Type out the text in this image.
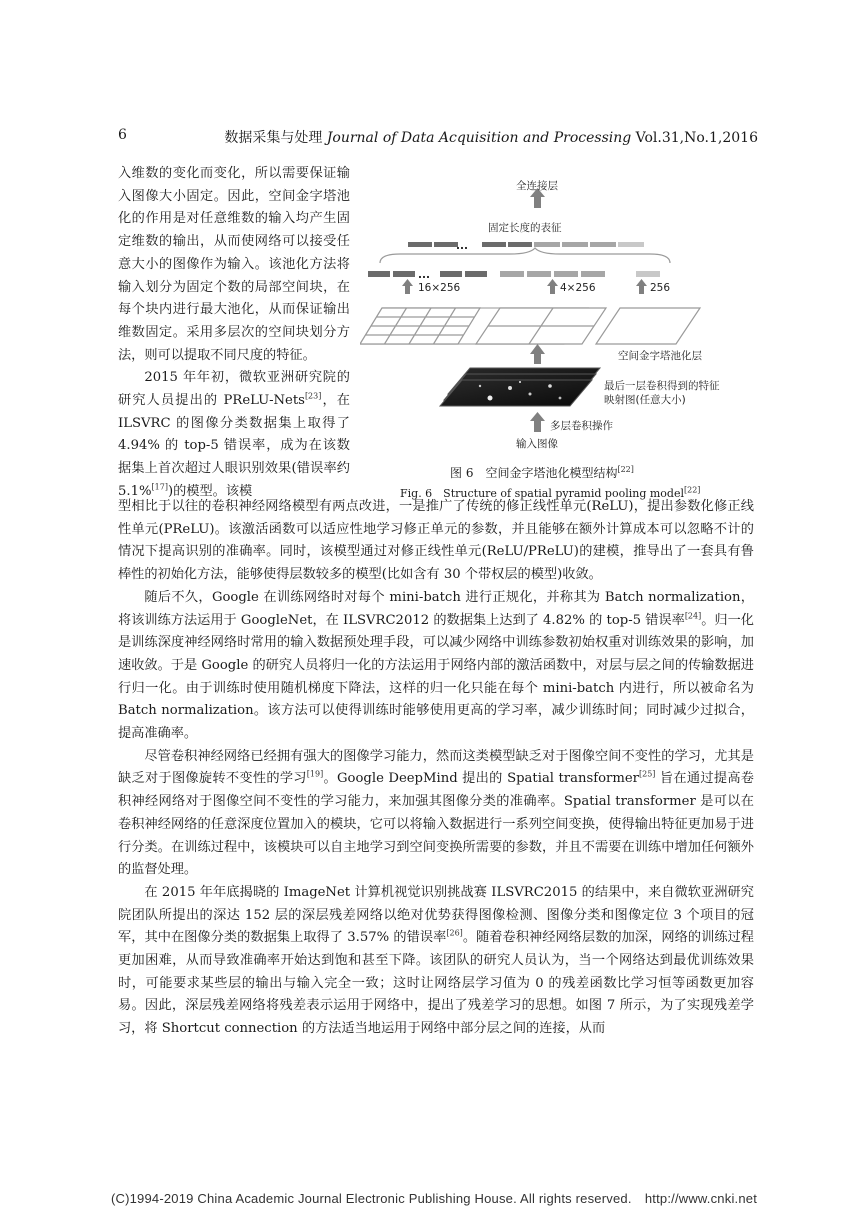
6	数据采集与处理 Journal of Data Acquisition and Processing Vol.31,No.1,2016

入维数的变化而变化，所以需要保证输入图像大小固定。因此，空间金字塔池化的作用是对任意维数的输入均产生固定维数的输出，从而使网络可以接受任意大小的图像作为输入。该池化方法将输入划分为固定个数的局部空间块，在每个块内进行最大池化，从而保证输出维数固定。采用多层次的空间块划分方法，则可以提取不同尺度的特征。

2015 年年初，微软亚洲研究院的研究人员提出的 PReLU-Nets[23]，在 ILSVRC 的图像分类数据集上取得了 4.94% 的 top-5 错误率，成为在该数据集上首次超过人眼识别效果(错误率约 5.1%[17])的模型。该模

全连接层
固定长度的表征
...
...
16×256	4×256	256
空间金字塔池化层
最后一层卷积得到的特征
映射图(任意大小)
多层卷积操作
输入图像
图 6　空间金字塔池化模型结构[22]
Fig. 6　Structure of spatial pyramid pooling model[22]

型相比于以往的卷积神经网络模型有两点改进，一是推广了传统的修正线性单元(ReLU)，提出参数化修正线性单元(PReLU)。该激活函数可以适应性地学习修正单元的参数，并且能够在额外计算成本可以忽略不计的情况下提高识别的准确率。同时，该模型通过对修正线性单元(ReLU/PReLU)的建模，推导出了一套具有鲁棒性的初始化方法，能够使得层数较多的模型(比如含有 30 个带权层的模型)收敛。

随后不久，Google 在训练网络时对每个 mini-batch 进行正规化，并称其为 Batch normalization，将该训练方法运用于 GoogleNet，在 ILSVRC2012 的数据集上达到了 4.82% 的 top-5 错误率[24]。归一化是训练深度神经网络时常用的输入数据预处理手段，可以减少网络中训练参数初始权重对训练效果的影响，加速收敛。于是 Google 的研究人员将归一化的方法运用于网络内部的激活函数中，对层与层之间的传输数据进行归一化。由于训练时使用随机梯度下降法，这样的归一化只能在每个 mini-batch 内进行，所以被命名为 Batch normalization。该方法可以使得训练时能够使用更高的学习率，减少训练时间；同时减少过拟合，提高准确率。

尽管卷积神经网络已经拥有强大的图像学习能力，然而这类模型缺乏对于图像空间不变性的学习，尤其是缺乏对于图像旋转不变性的学习[19]。Google DeepMind 提出的 Spatial transformer[25] 旨在通过提高卷积神经网络对于图像空间不变性的学习能力，来加强其图像分类的准确率。Spatial transformer 是可以在卷积神经网络的任意深度位置加入的模块，它可以将输入数据进行一系列空间变换，使得输出特征更加易于进行分类。在训练过程中，该模块可以自主地学习到空间变换所需要的参数，并且不需要在训练中增加任何额外的监督处理。

在 2015 年年底揭晓的 ImageNet 计算机视觉识别挑战赛 ILSVRC2015 的结果中，来自微软亚洲研究院团队所提出的深达 152 层的深层残差网络以绝对优势获得图像检测、图像分类和图像定位 3 个项目的冠军，其中在图像分类的数据集上取得了 3.57% 的错误率[26]。随着卷积神经网络层数的加深，网络的训练过程更加困难，从而导致准确率开始达到饱和甚至下降。该团队的研究人员认为，当一个网络达到最优训练效果时，可能要求某些层的输出与输入完全一致；这时让网络层学习值为 0 的残差函数比学习恒等函数更加容易。因此，深层残差网络将残差表示运用于网络中，提出了残差学习的思想。如图 7 所示，为了实现残差学习，将 Shortcut connection 的方法适当地运用于网络中部分层之间的连接，从而

(C)1994-2019 China Academic Journal Electronic Publishing House. All rights reserved.　http://www.cnki.net
